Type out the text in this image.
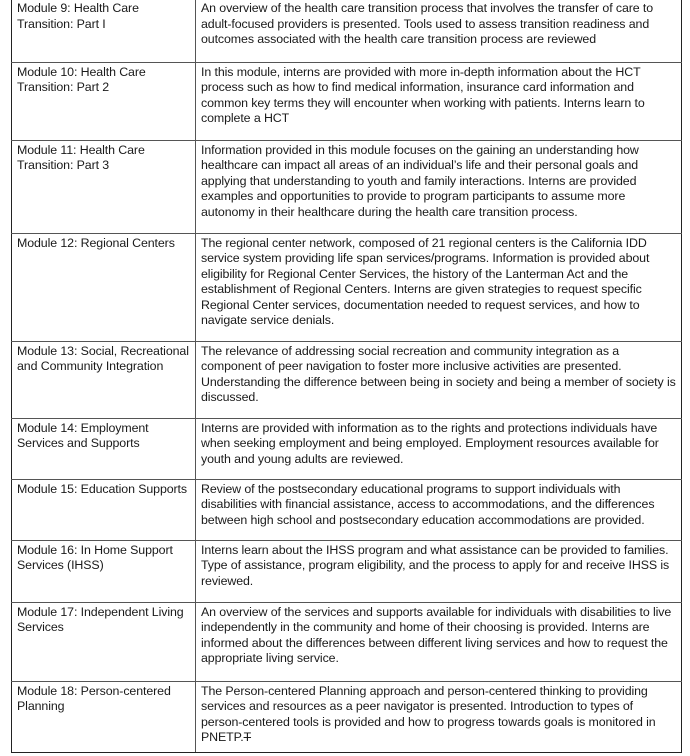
Module 9: Health Care Transition: Part I	An overview of the health care transition process that involves the transfer of care to adult-focused providers is presented. Tools used to assess transition readiness and outcomes associated with the health care transition process are reviewed
Module 10: Health Care Transition: Part 2	In this module, interns are provided with more in-depth information about the HCT process such as how to find medical information, insurance card information and common key terms they will encounter when working with patients. Interns learn to complete a HCT
Module 11: Health Care Transition: Part 3	Information provided in this module focuses on the gaining an understanding how healthcare can impact all areas of an individual’s life and their personal goals and applying that understanding to youth and family interactions. Interns are provided examples and opportunities to provide to program participants to assume more autonomy in their healthcare during the health care transition process.
Module 12: Regional Centers	The regional center network, composed of 21 regional centers is the California IDD service system providing life span services/programs. Information is provided about eligibility for Regional Center Services, the history of the Lanterman Act and the establishment of Regional Centers. Interns are given strategies to request specific Regional Center services, documentation needed to request services, and how to navigate service denials.
Module 13: Social, Recreational and Community Integration	The relevance of addressing social recreation and community integration as a component of peer navigation to foster more inclusive activities are presented. Understanding the difference between being in society and being a member of society is discussed.
Module 14: Employment Services and Supports	Interns are provided with information as to the rights and protections individuals have when seeking employment and being employed. Employment resources available for youth and young adults are reviewed.
Module 15: Education Supports	Review of the postsecondary educational programs to support individuals with disabilities with financial assistance, access to accommodations, and the differences between high school and postsecondary education accommodations are provided.
Module 16: In Home Support Services (IHSS)	Interns learn about the IHSS program and what assistance can be provided to families. Type of assistance, program eligibility, and the process to apply for and receive IHSS is reviewed.
Module 17: Independent Living Services	An overview of the services and supports available for individuals with disabilities to live independently in the community and home of their choosing is provided. Interns are informed about the differences between different living services and how to request the appropriate living service.
Module 18: Person-centered Planning	The Person-centered Planning approach and person-centered thinking to providing services and resources as a peer navigator is presented. Introduction to types of person-centered tools is provided and how to progress towards goals is monitored in PNETP.T
